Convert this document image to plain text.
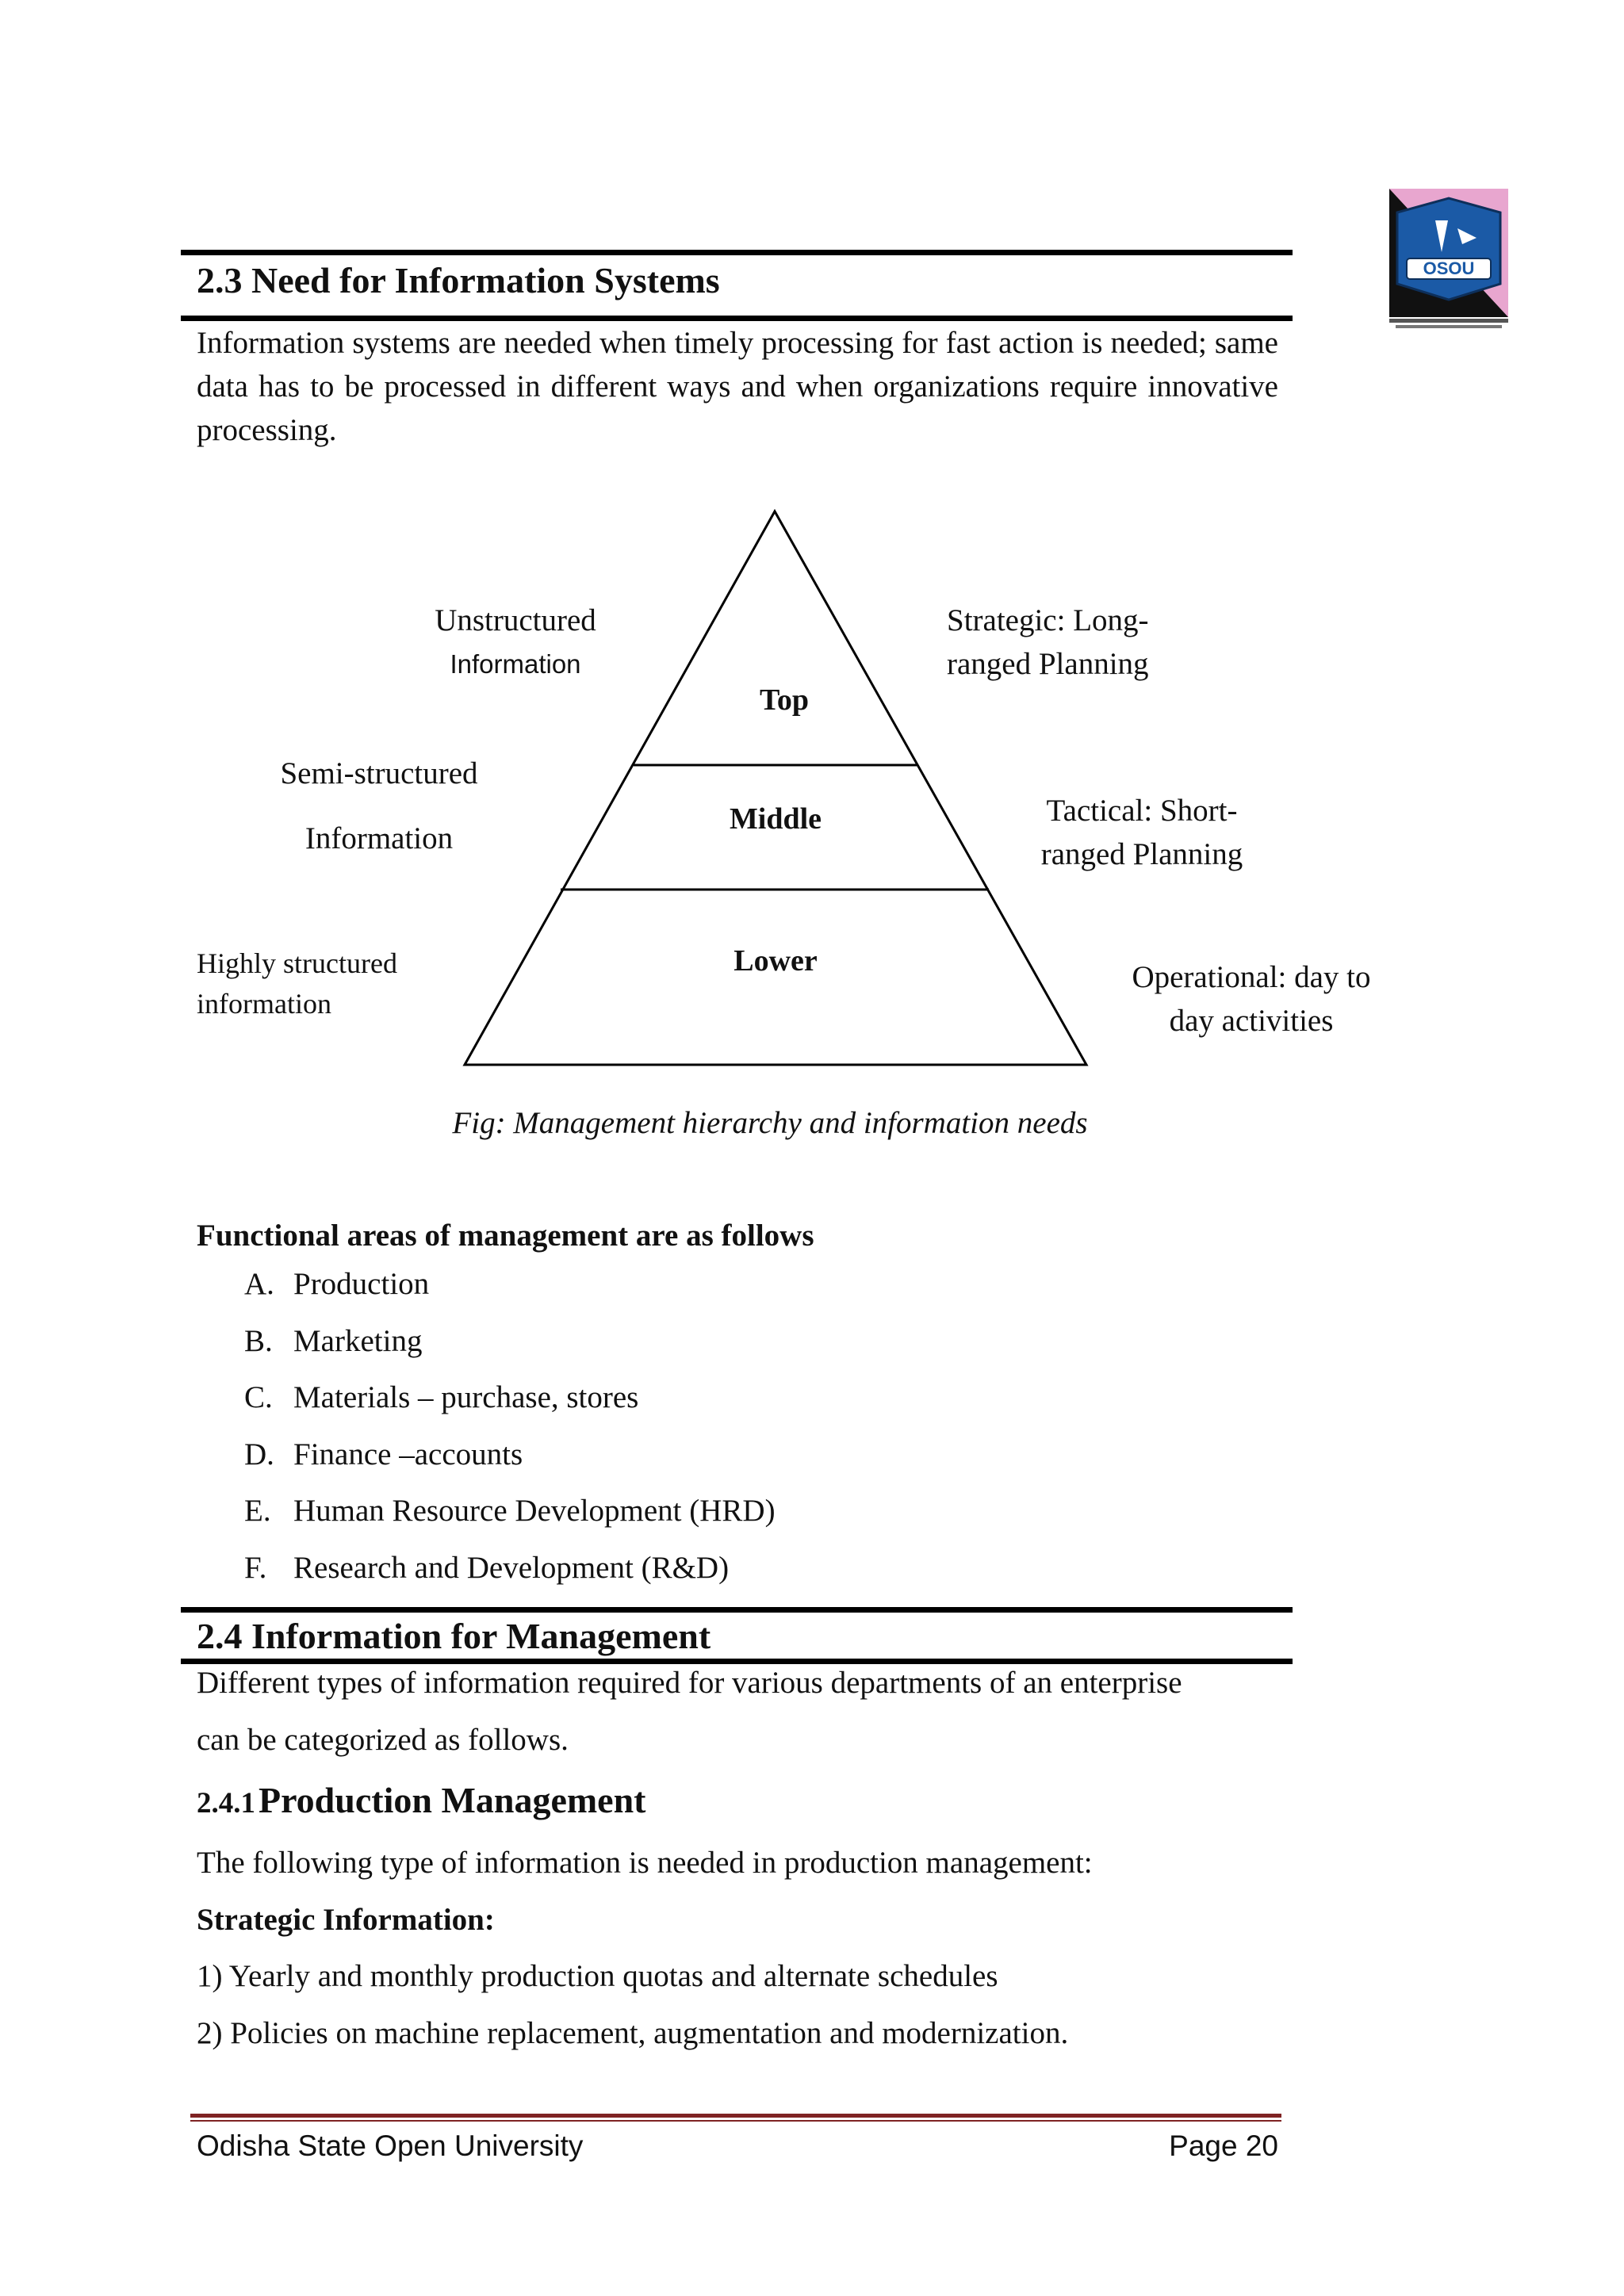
OSOU
2.3 Need for Information Systems
Information systems are needed when timely processing for fast action is needed; same data has to be processed in different ways and when organizations require innovative processing.
Top
Middle
Lower
Unstructured
Information
Semi-structured
Information
Highly structured
information
Strategic: Long-
ranged Planning
Tactical: Short-
ranged Planning
Operational: day to
day activities
Fig: Management hierarchy and information needs
Functional areas of management are as follows
A. Production
B. Marketing
C. Materials – purchase, stores
D. Finance –accounts
E. Human Resource Development (HRD)
F. Research and Development (R&D)
2.4 Information for Management
Different types of information required for various departments of an enterprise
can be categorized as follows.
2.4.1 Production Management
The following type of information is needed in production management:
Strategic Information:
1) Yearly and monthly production quotas and alternate schedules
2) Policies on machine replacement, augmentation and modernization.
Odisha State Open University	Page 20
